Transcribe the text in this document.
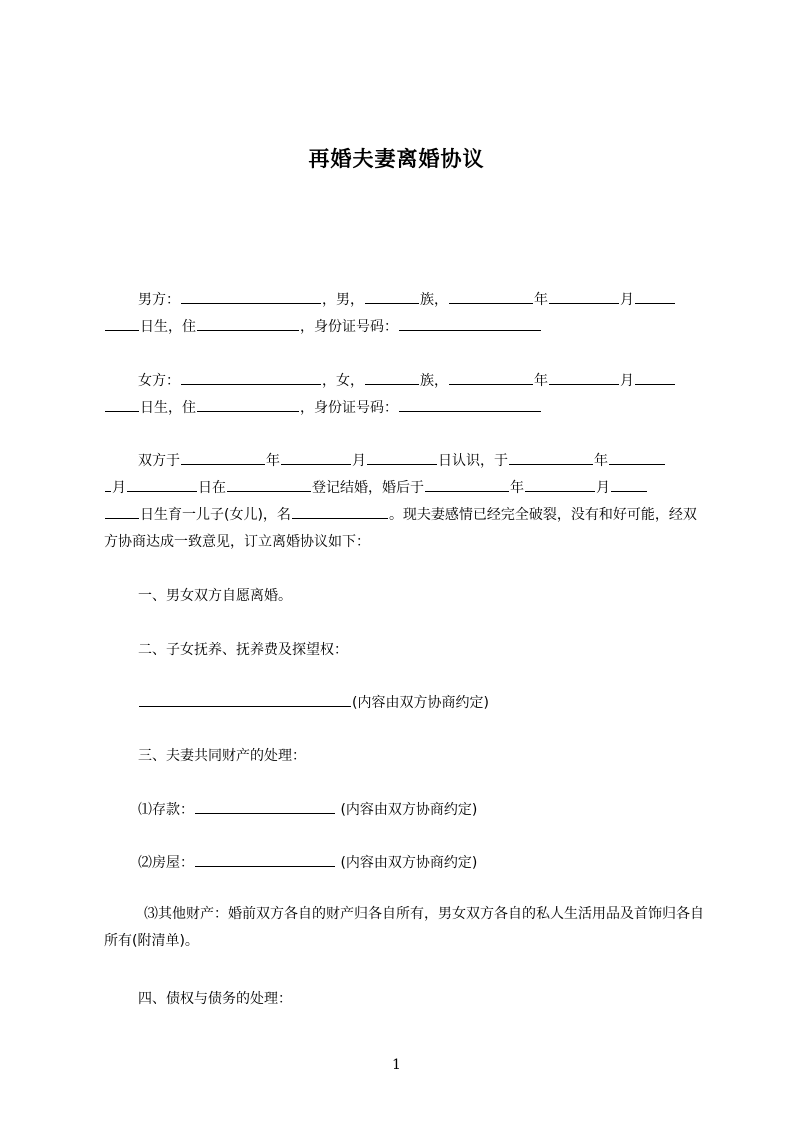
再婚夫妻离婚协议
男方：	，男，	族，	年	月
日生，住	，身份证号码：
女方：	，女，	族，	年	月
日生，住	，身份证号码：
双方于	年	月	日认识，于	年
月	日在	登记结婚，婚后于	年	月
日生育一儿子(女儿)，名	。现夫妻感情已经完全破裂，没有和好可能，经双方协商达成一致意见，订立离婚协议如下：
一、男女双方自愿离婚。
二、子女抚养、抚养费及探望权：
(内容由双方协商约定)
三、夫妻共同财产的处理：
⑴存款：	(内容由双方协商约定)
⑵房屋：	(内容由双方协商约定)
⑶其他财产：婚前双方各自的财产归各自所有，男女双方各自的私人生活用品及首饰归各自所有(附清单)。
四、债权与债务的处理：
1
